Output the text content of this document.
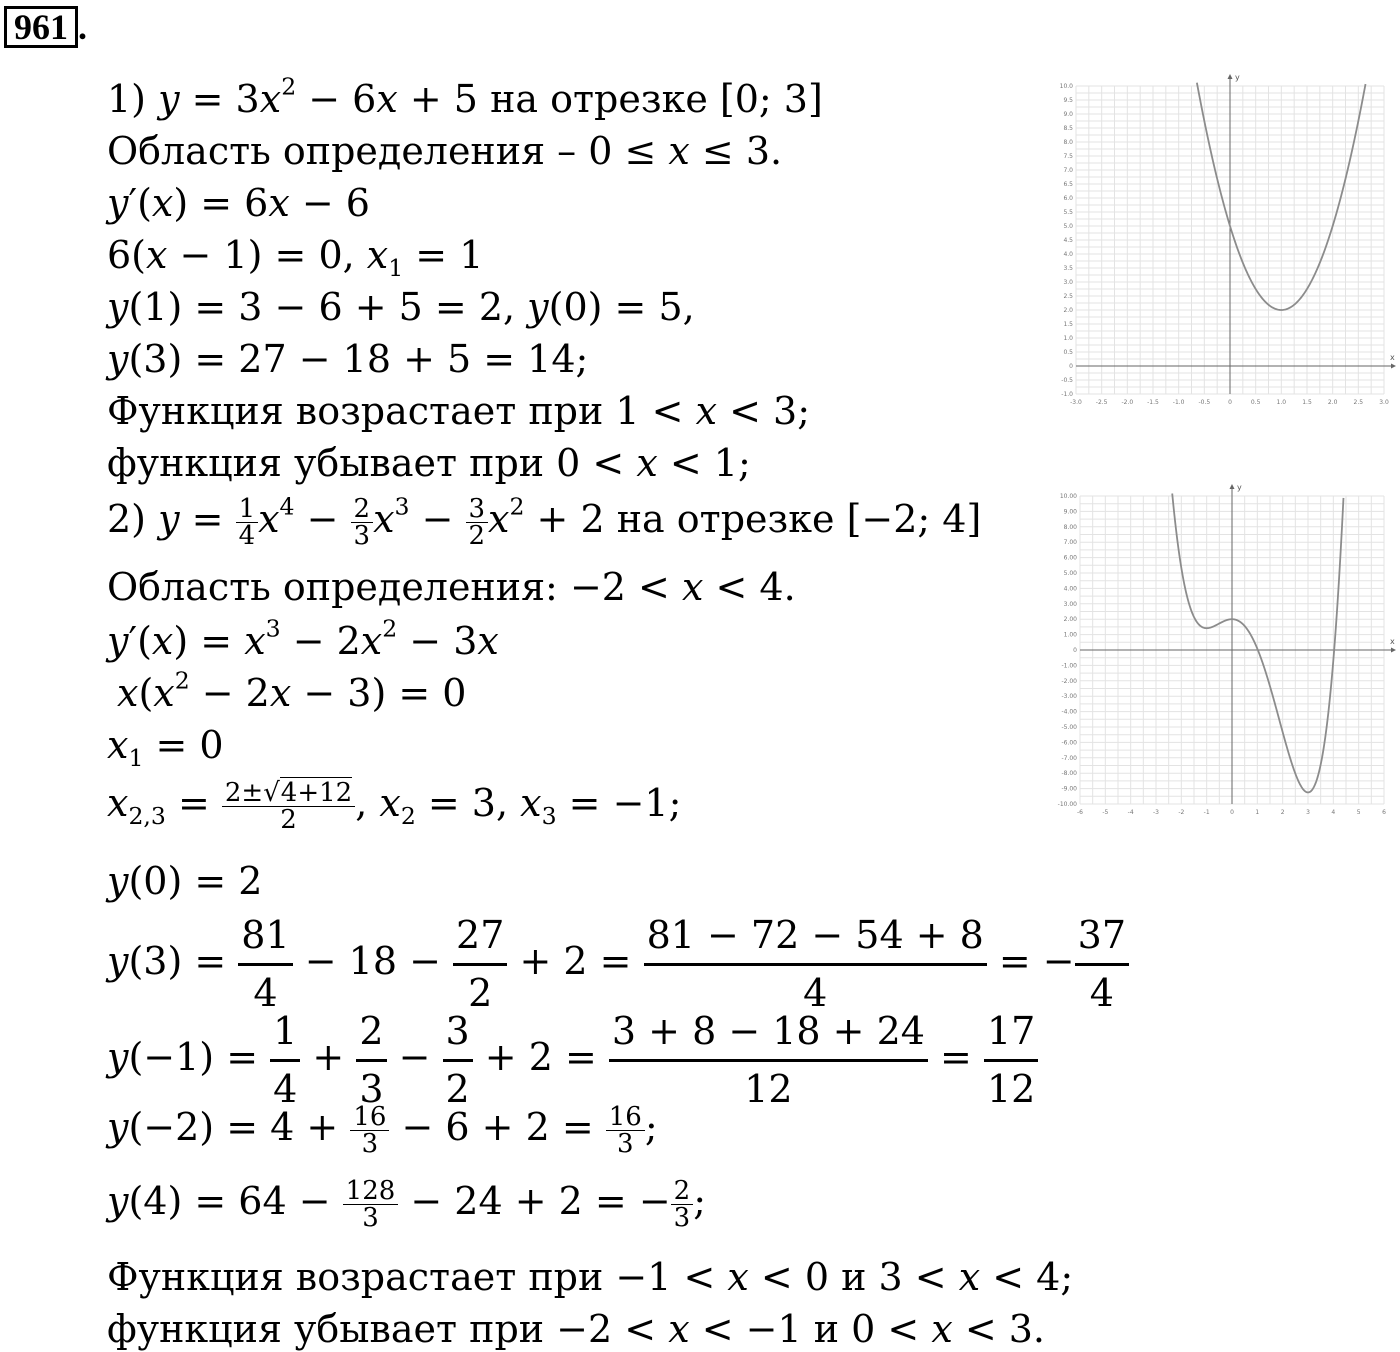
961 .
1) $y = 3x^2 - 6x + 5$ на отрезке [0; 3]
Область определения – 0 ≤ x ≤ 3.
y′(x) = 6x − 6
6(x − 1) = 0, $x_1 = 1$
y(1) = 3 − 6 + 5 = 2, y(0) = 5,
y(3) = 27 − 18 + 5 = 14;
Функция возрастает при 1 < x < 3;
функция убывает при 0 < x < 1;
2) $y = \frac{1}{4} x^4 - \frac{2}{3} x^3 - \frac{3}{2} x^2 + 2$ на отрезке [−2; 4]
Область определения: −2 < x < 4.
$y'(x) = x^3 - 2x^2 - 3x$
$x(x^2 - 2x - 3) = 0$
$x_1 = 0$
$x_{2,3} = \frac{2\pm√4+12}{2}$ , $x_2 = 3$, $x_3 = -1$;
y(0) = 2
$y(3) = \frac{81}{4} - 18 - \frac{27}{2} + 2 = \frac{81 - 72 - 54 + 8}{4}$ = − $\frac{37}{4}$
$y(-1) = \frac{1}{4} + \frac{2}{3} - \frac{3}{2} + 2 = \frac{3 + 8 - 18 + 24}{12} = \frac{17}{12}$
$y(-2) = 4 + \frac{16}{3} - 6 + 2 = \frac{16}{3}$ ;
$y(4) = 64 - \frac{128}{3} - 24 + 2$ = − $\frac{2}{3}$ ;
Функция возрастает при −1 < x < 0 и 3 < x < 4;
функция убывает при −2 < x < −1 и 0 < x < 3.
x
y
-3.0 -2.5 -2.0 -1.5 -1.0 -0.5	0	0.5	1.0	1.5	2.0	2.5	3.0
10.0
9.5
9.0
8.5
8.0
7.5
7.0
6.5
6.0
5.5
5.0
4.5
4.0
3.5
3.0
2.5
2.0
1.5
1.0
0.5
0
-0.5
-1.0
x
y
-6	-5	-4	-3	-2	-1	0	1	2	3	4	5	6
10.00
9.00
8.00
7.00
6.00
5.00
4.00
3.00
2.00
1.00
0
-1.00
-2.00
-3.00
-4.00
-5.00
-6.00
-7.00
-8.00
-9.00
-10.00
